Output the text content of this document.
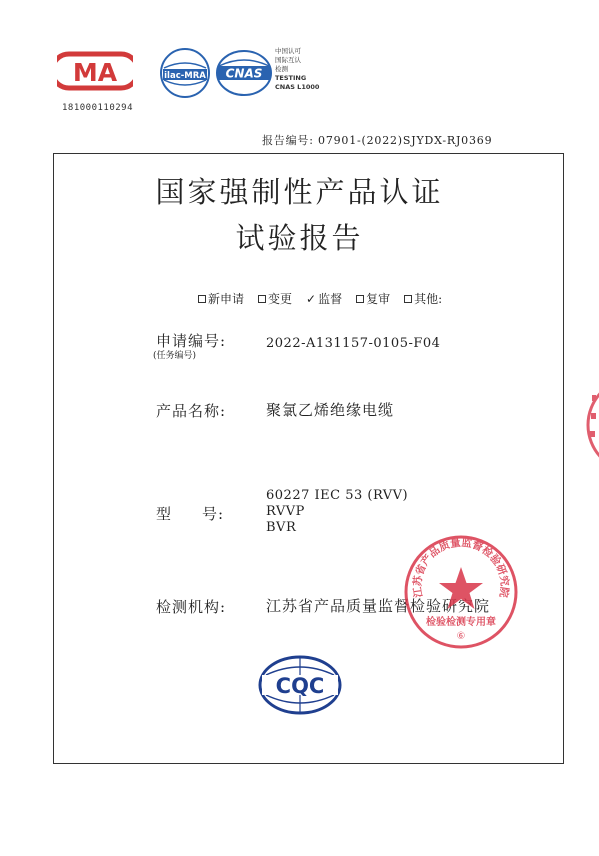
MA
181000110294
ilac-MRA CNAS
中国认可
国际互认
检测
TESTING
CNAS L1000
报告编号: 07901-(2022)SJYDX-RJ0369
国家强制性产品认证
试验报告
新申请 变更 ✓ 监督 复审 其他:
申请编号:
(任务编号)
2022-A131157-0105-F04
产品名称:	聚氯乙烯绝缘电缆
型 号:
60227 IEC 53 (RVV)
RVVP
BVR
检测机构:	江苏省产品质量监督检验研究院
江苏省产品质量监督检验研究院
检验检测专用章
⑥
CQC
